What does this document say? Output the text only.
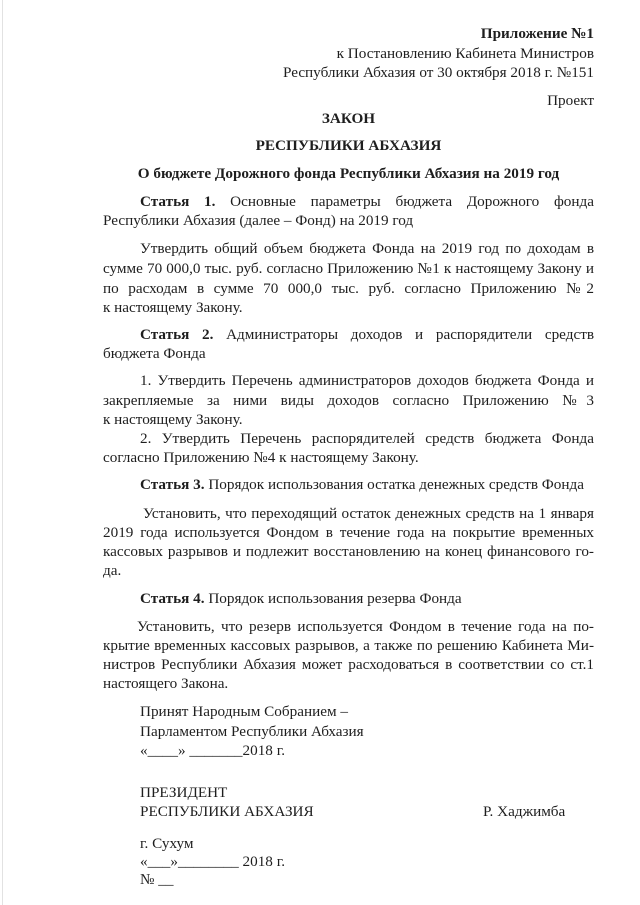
Приложение №1
к Постановлению Кабинета Министров
Республики Абхазия от 30 октября 2018 г. №151
Проект
ЗАКОН
РЕСПУБЛИКИ АБХАЗИЯ
О бюджете Дорожного фонда Республики Абхазия на 2019 год
Статья 1. Основные параметры бюджета Дорожного фонда
Республики Абхазия (далее – Фонд) на 2019 год
Утвердить общий объем бюджета Фонда на 2019 год по доходам в
сумме 70 000,0 тыс. руб. согласно Приложению №1 к настоящему Закону и
по расходам в сумме 70 000,0 тыс. руб. согласно Приложению №2
к настоящему Закону.
Статья 2. Администраторы доходов и распорядители средств
бюджета Фонда
1. Утвердить Перечень администраторов доходов бюджета Фонда и
закрепляемые за ними виды доходов согласно Приложению №3
к настоящему Закону.
2. Утвердить Перечень распорядителей средств бюджета Фонда
согласно Приложению №4 к настоящему Закону.
Статья 3. Порядок использования остатка денежных средств Фонда
Установить, что переходящий остаток денежных средств на 1 января
2019 года используется Фондом в течение года на покрытие временных
кассовых разрывов и подлежит восстановлению на конец финансового го-
да.
Статья 4. Порядок использования резерва Фонда
Установить, что резерв используется Фондом в течение года на по-
крытие временных кассовых разрывов, а также по решению Кабинета Ми-
нистров Республики Абхазия может расходоваться в соответствии со ст.1
настоящего Закона.
Принят Народным Собранием –
Парламентом Республики Абхазия
«____» _______2018 г.
ПРЕЗИДЕНТ
РЕСПУБЛИКИ АБХАЗИЯ	Р. Хаджимба
г. Сухум
«___»________ 2018 г.
№ __
